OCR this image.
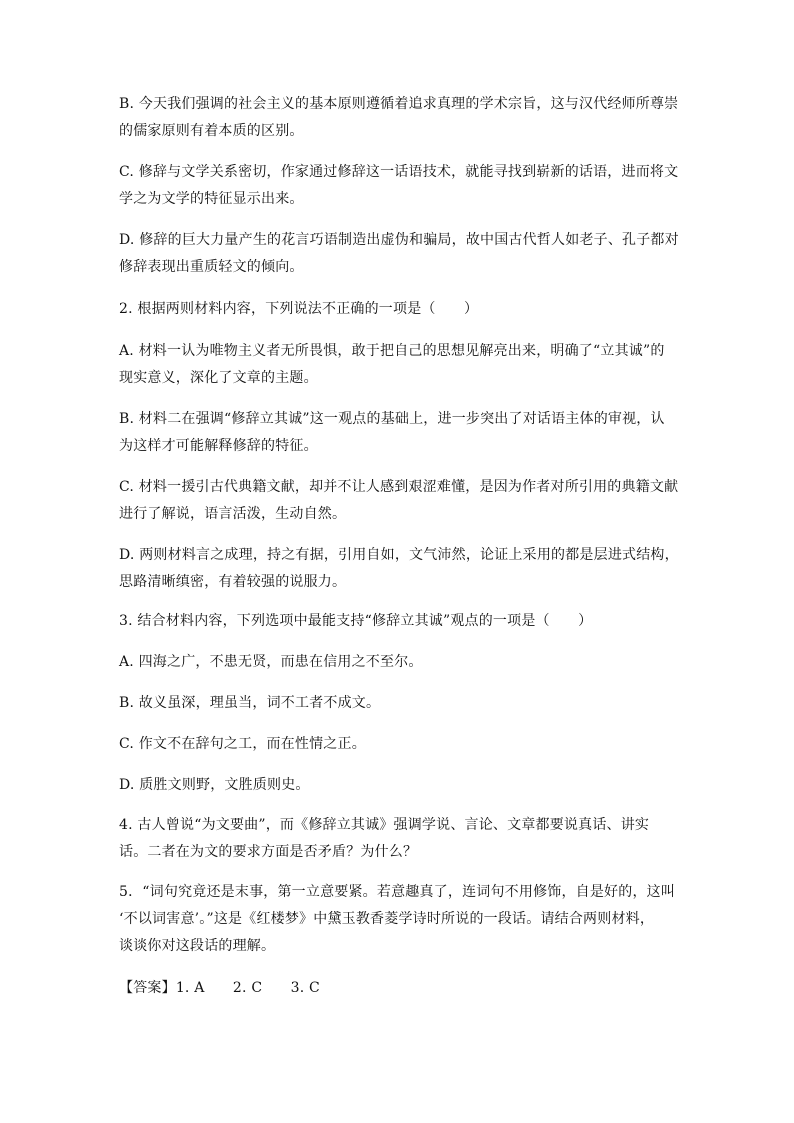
B. 今天我们强调的社会主义的基本原则遵循着追求真理的学术宗旨，这与汉代经师所尊崇
的儒家原则有着本质的区别。

C. 修辞与文学关系密切，作家通过修辞这一话语技术，就能寻找到崭新的话语，进而将文
学之为文学的特征显示出来。

D. 修辞的巨大力量产生的花言巧语制造出虚伪和骗局，故中国古代哲人如老子、孔子都对
修辞表现出重质轻文的倾向。

2. 根据两则材料内容，下列说法不正确的一项是（　　）

A. 材料一认为唯物主义者无所畏惧，敢于把自己的思想见解亮出来，明确了“立其诚”的
现实意义，深化了文章的主题。

B. 材料二在强调“修辞立其诚”这一观点的基础上，进一步突出了对话语主体的审视，认
为这样才可能解释修辞的特征。

C. 材料一援引古代典籍文献，却并不让人感到艰涩难懂，是因为作者对所引用的典籍文献
进行了解说，语言活泼，生动自然。

D. 两则材料言之成理，持之有据，引用自如，文气沛然，论证上采用的都是层进式结构，
思路清晰缜密，有着较强的说服力。

3. 结合材料内容，下列选项中最能支持“修辞立其诚”观点的一项是（　　）

A. 四海之广，不患无贤，而患在信用之不至尔。

B. 故义虽深，理虽当，词不工者不成文。

C. 作文不在辞句之工，而在性情之正。

D. 质胜文则野，文胜质则史。

4. 古人曾说“为文要曲”，而《修辞立其诚》强调学说、言论、文章都要说真话、讲实
话。二者在为文的要求方面是否矛盾？为什么？

5．“词句究竟还是末事，第一立意要紧。若意趣真了，连词句不用修饰，自是好的，这叫
‘不以词害意’。”这是《红楼梦》中黛玉教香菱学诗时所说的一段话。请结合两则材料，
谈谈你对这段话的理解。

【答案】1. A　　2. C　　3. C
